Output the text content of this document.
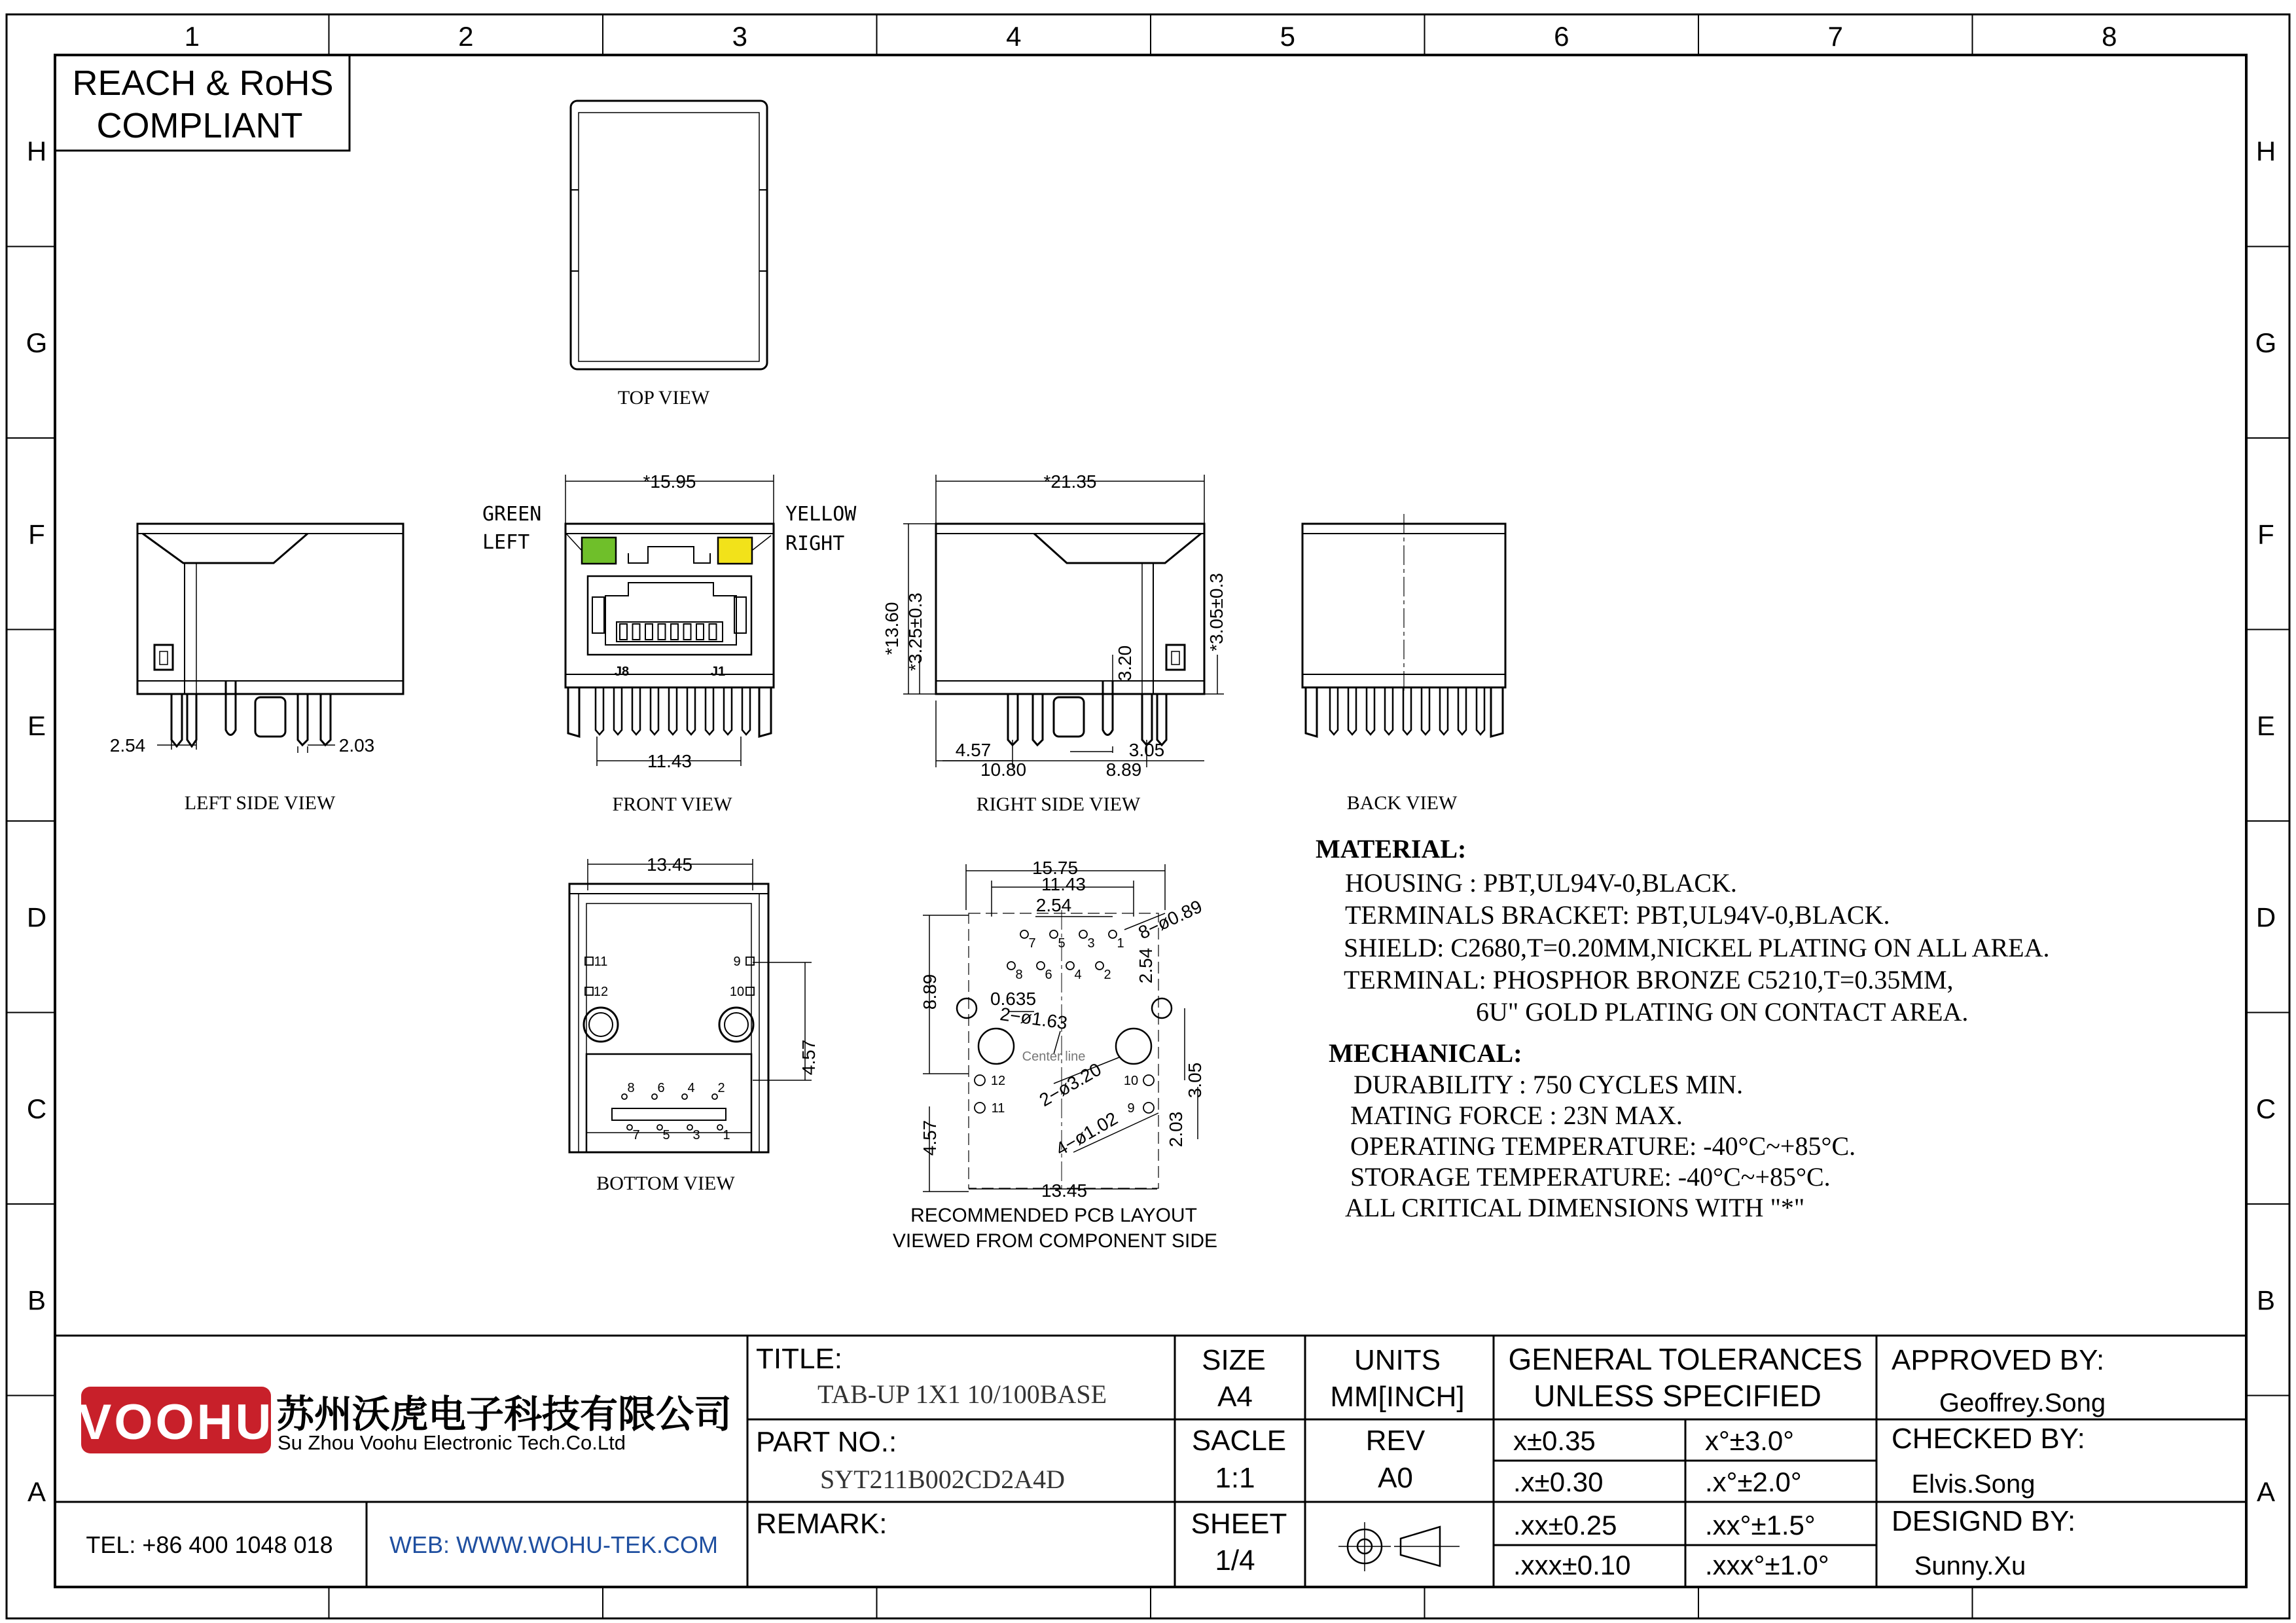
1	2	3	4	5	6	7	8
H	H
G	G
F	F
E	E
D	D
C	C
B	B
A	A
REACH & RoHS
COMPLIANT
TOP VIEW
2.54	2.03
LEFT SIDE VIEW
*15.95
11.43
J8	J1
GREEN
LEFT
YELLOW
RIGHT
FRONT VIEW
*21.35
*13.60 *3.25±0.3	3.20
*3.05±0.3
4.57	3.05
10.80	8.89
RIGHT SIDE VIEW	BACK VIEW
8 6 4 2
7 5 3 1
11
12
9
10
13.45
4.57
BOTTOM VIEW
7 5 3 1
8 6 4 2
12
11
10
9
15.75
11.43
2.54	8−ø0.89
8.89	0.635
2−ø1.63
2.54
Center line
2−ø3.20	3.05
4.57	4−ø1.02 2.03
13.45
RECOMMENDED PCB LAYOUT
VIEWED FROM COMPONENT SIDE
MATERIAL:
HOUSING : PBT,UL94V-0,BLACK.
TERMINALS BRACKET: PBT,UL94V-0,BLACK.
SHIELD: C2680,T=0.20MM,NICKEL PLATING ON ALL AREA.
TERMINAL: PHOSPHOR BRONZE C5210,T=0.35MM,
6U" GOLD PLATING ON CONTACT AREA.
MECHANICAL:
DURABILITY : 750 CYCLES MIN.
MATING FORCE : 23N MAX.
OPERATING TEMPERATURE: -40°C~+85°C.
STORAGE TEMPERATURE: -40°C~+85°C.
ALL CRITICAL DIMENSIONS WITH "*"
VOOHU 苏州沃虎电子科技有限公司
Su Zhou Voohu Electronic Tech.Co.Ltd
TEL: +86 400 1048 018 WEB: WWW.WOHU-TEK.COM
TITLE:
TAB-UP 1X1 10/100BASE
PART NO.:
SYT211B002CD2A4D
REMARK:
SIZE
A4
UNITS
MM[INCH]
SACLE
1:1
REV
A0
SHEET
1/4
GENERAL TOLERANCES
UNLESS SPECIFIED
x±0.35	x°±3.0°
.x±0.30	.x°±2.0°
.xx±0.25	.xx°±1.5°
.xxx±0.10	.xxx°±1.0°
APPROVED BY:
Geoffrey.Song
CHECKED BY:
Elvis.Song
DESIGND BY:
Sunny.Xu
